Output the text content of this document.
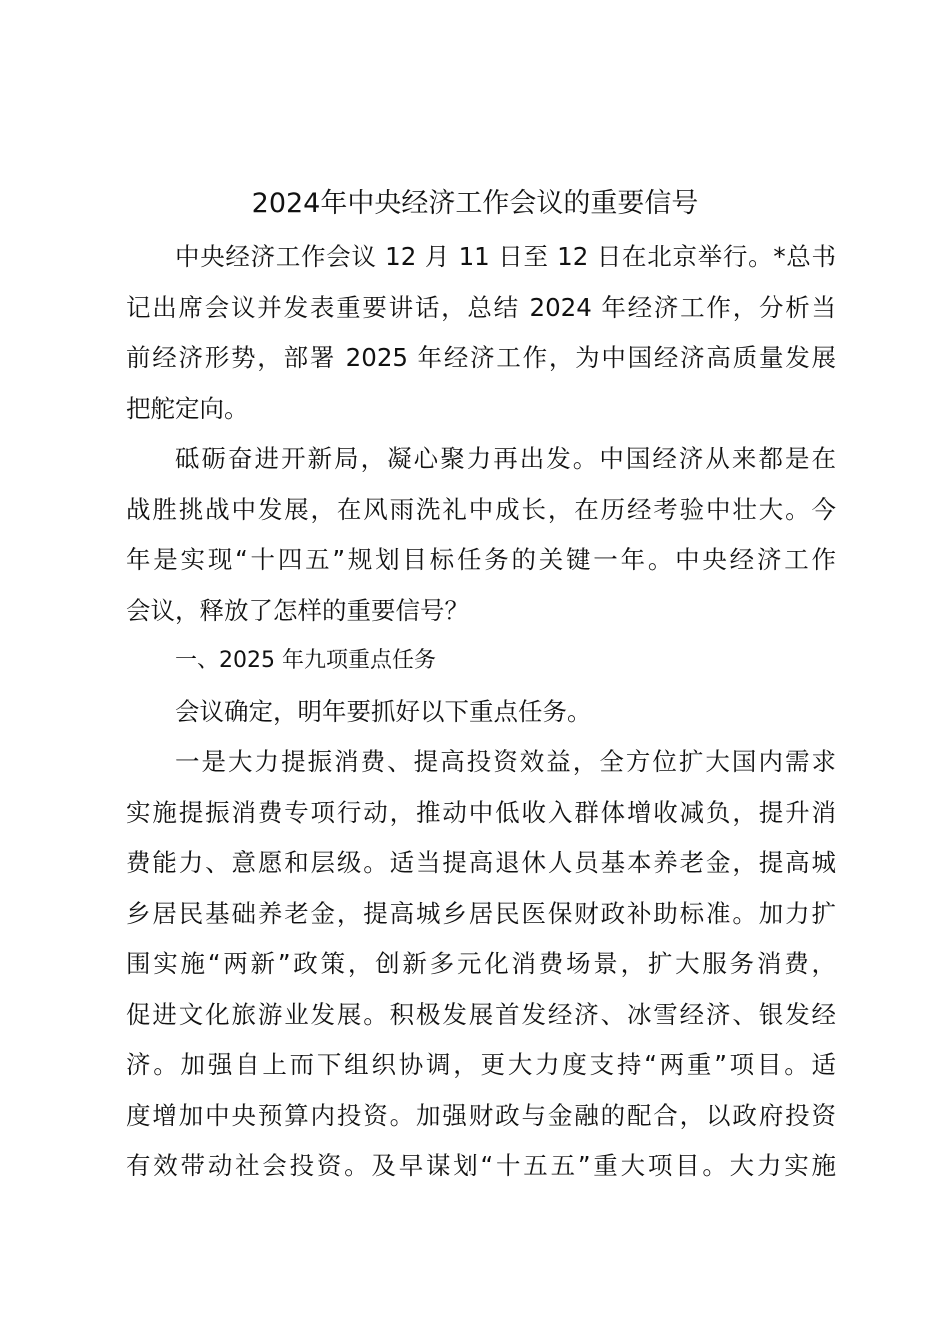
2024年中央经济工作会议的重要信号
中央经济工作会议 12 月 11 日至 12 日在北京举行。*总书
记出席会议并发表重要讲话，总结 2024 年经济工作，分析当
前经济形势，部署 2025 年经济工作，为中国经济高质量发展
把舵定向。
砥砺奋进开新局，凝心聚力再出发。中国经济从来都是在
战胜挑战中发展，在风雨洗礼中成长，在历经考验中壮大。今
年是实现“十四五”规划目标任务的关键一年。中央经济工作
会议，释放了怎样的重要信号？
一、2025 年九项重点任务
会议确定，明年要抓好以下重点任务。
一是大力提振消费、提高投资效益，全方位扩大国内需求
实施提振消费专项行动，推动中低收入群体增收减负，提升消
费能力、意愿和层级。适当提高退休人员基本养老金，提高城
乡居民基础养老金，提高城乡居民医保财政补助标准。加力扩
围实施“两新”政策，创新多元化消费场景，扩大服务消费，
促进文化旅游业发展。积极发展首发经济、冰雪经济、银发经
济。加强自上而下组织协调，更大力度支持“两重”项目。适
度增加中央预算内投资。加强财政与金融的配合，以政府投资
有效带动社会投资。及早谋划“十五五”重大项目。大力实施
